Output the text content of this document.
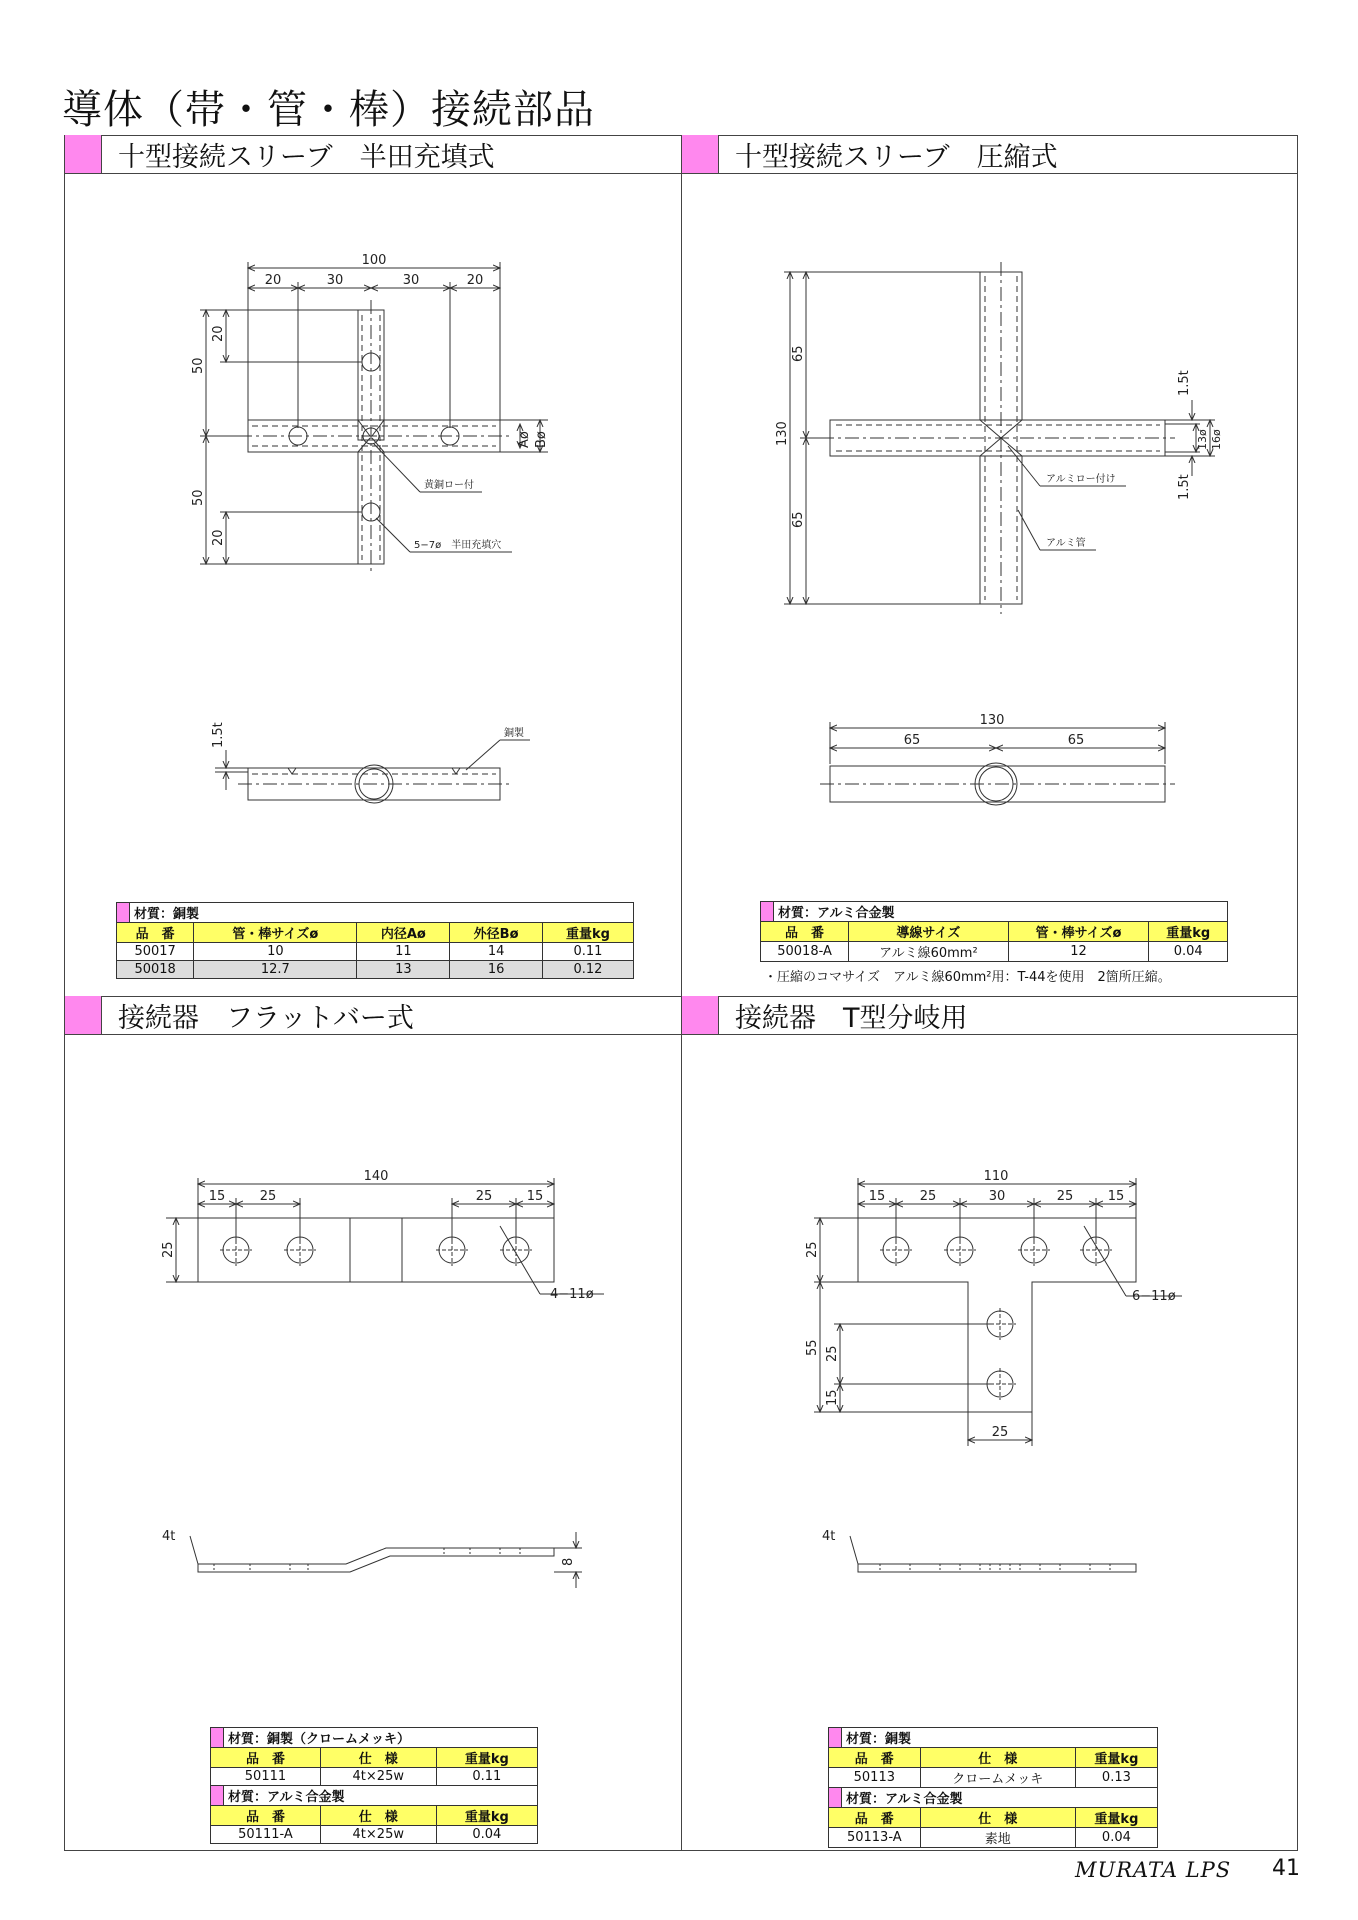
導体（帯・管・棒）接続部品
十型接続スリーブ　半田充填式	十型接続スリーブ　圧縮式
接続器　フラットバー式	接続器　T型分岐用
100
20	30	30	20
50
20
50
20
Aø Bø
黄銅ロー付
5−7ø　半田充填穴
1.5t	銅製
130
65
65
1.5t
1.5t
13ø 16ø
アルミロー付け
アルミ管
130
65	65
140
15	25	25	15
25
4−11ø
4t
8
110
15	25	30	25	15
25
55 25
15
25
6−11ø
4t
	材質：銅製				
品　番		管・棒サイズø	内径Aø	外径Bø	重量kg
50017		10	11	14	0.11
50018		12.7	13	16	0.12
	材質：アルミ合金製			
品　番		導線サイズ	管・棒サイズø	重量kg
50018-A		アルミ線60mm²	12	0.04
・圧縮のコマサイズ　アルミ線60mm²用：T-44を使用　2箇所圧縮。
	材質：銅製（クロームメッキ）		
品　番		仕　様	重量kg
50111		4t×25w	0.11
	材質：アルミ合金製		
品　番		仕　様	重量kg
50111-A		4t×25w	0.04
	材質：銅製		
品　番		仕　様	重量kg
50113		クロームメッキ	0.13
	材質：アルミ合金製		
品　番		仕　様	重量kg
50113-A		素地	0.04
MURATA LPS 41
